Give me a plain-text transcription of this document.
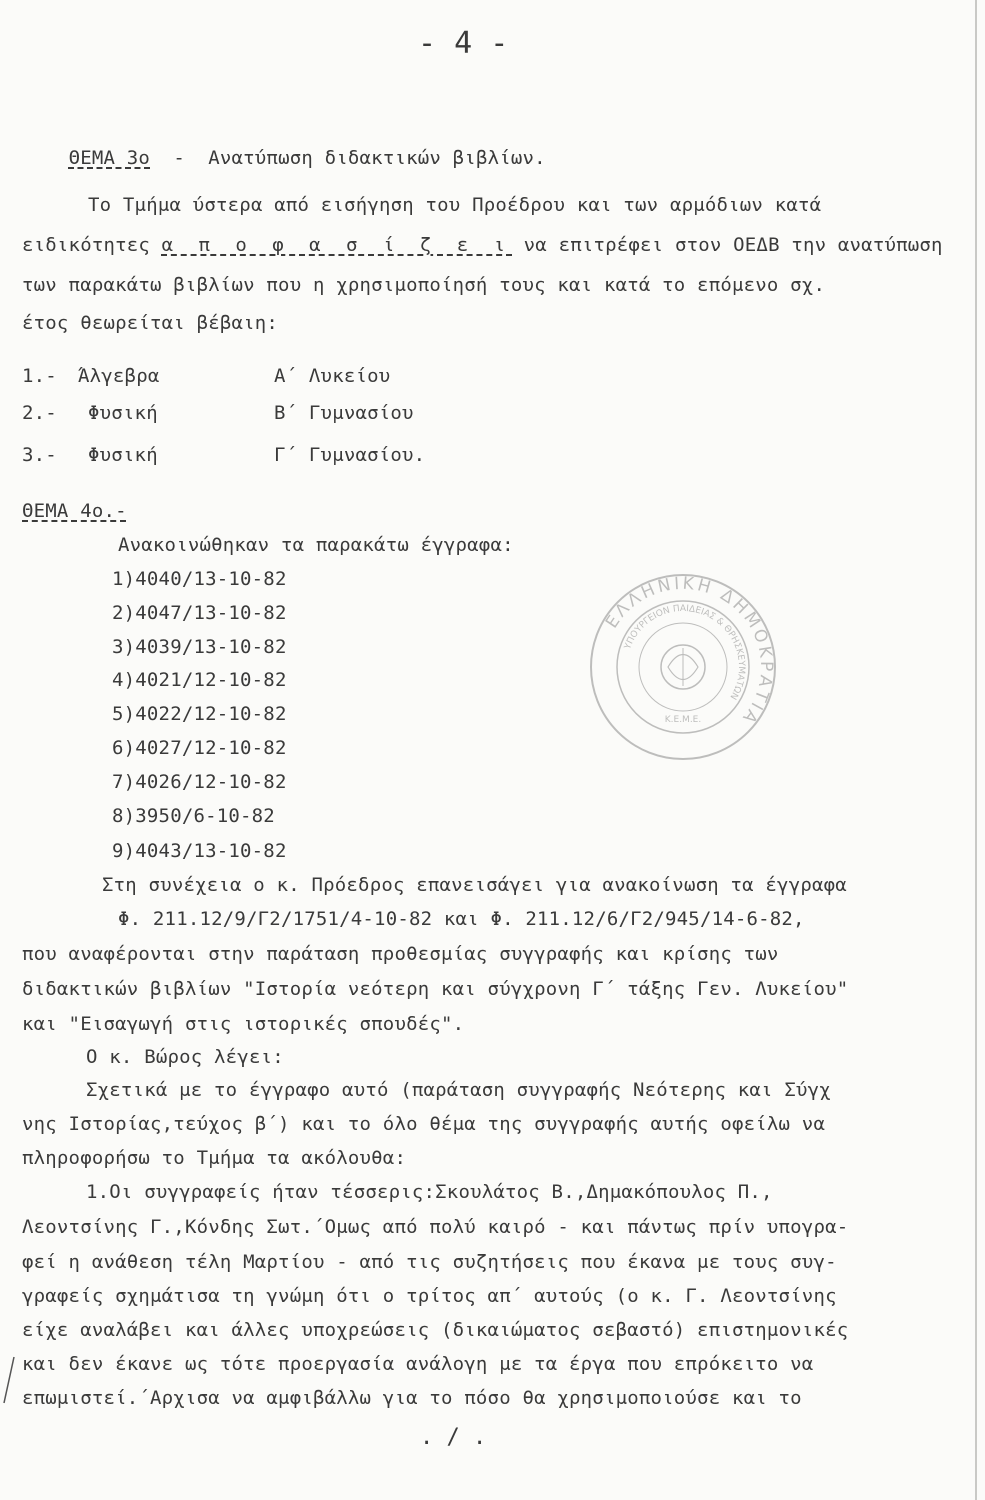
- 4 -

ΘΕΜΑ 3ο  -  Ανατύπωση διδακτικών βιβλίων.

Το Τμήμα ύστερα από εισήγηση του Προέδρου και των αρμόδιων κατά
ειδικότητες α π ο φ α σ ί ζ ε ι να επιτρέφει στον ΟΕΔΒ την ανατύπωση
των παρακάτω βιβλίων που η χρησιμοποίησή τους και κατά το επόμενο σχ.
έτος θεωρείται βέβαιη:
1.- Άλγεβρα	Α΄ Λυκείου
2.- Φυσική	Β΄ Γυμνασίου
3.- Φυσική	Γ΄ Γυμνασίου.
ΘΕΜΑ 4ο.-
Ανακοινώθηκαν τα παρακάτω έγγραφα:
1)4040/13-10-82
2)4047/13-10-82
3)4039/13-10-82
4)4021/12-10-82
5)4022/12-10-82
6)4027/12-10-82
7)4026/12-10-82
8)3950/6-10-82
9)4043/13-10-82
Στη συνέχεια ο κ. Πρόεδρος επανεισάγει για ανακοίνωση τα έγγραφα
Φ. 211.12/9/Γ2/1751/4-10-82 και Φ. 211.12/6/Γ2/945/14-6-82,
που αναφέρονται στην παράταση προθεσμίας συγγραφής και κρίσης των
διδακτικών βιβλίων "Ιστορία νεότερη και σύγχρονη Γ΄ τάξης Γεν. Λυκείου"
και "Εισαγωγή στις ιστορικές σπουδές".
Ο κ. Βώρος λέγει:
Σχετικά με το έγγραφο αυτό (παράταση συγγραφής Νεότερης και Σύγχ
νης Ιστορίας,τεύχος β΄) και το όλο θέμα της συγγραφής αυτής οφείλω να
πληροφορήσω το Τμήμα τα ακόλουθα:
1.Οι συγγραφείς ήταν τέσσερις:Σκουλάτος Β.,Δημακόπουλος Π.,
Λεοντσίνης Γ.,Κόνδης Σωτ.΄Ομως από πολύ καιρό - και πάντως πρίν υπογρα-
φεί η ανάθεση τέλη Μαρτίου - από τις συζητήσεις που έκανα με τους συγ-
γραφείς σχημάτισα τη γνώμη ότι ο τρίτος απ΄ αυτούς (ο κ. Γ. Λεοντσίνης
είχε αναλάβει και άλλες υποχρεώσεις (δικαιώματος σεβαστό) επιστημονικές
και δεν έκανε ως τότε προεργασία ανάλογη με τα έργα που επρόκειτο να
επωμιστεί.΄Αρχισα να αμφιβάλλω για το πόσο θα χρησιμοποιούσε και το
. / .
ΕΛΛΗΝΙΚΗ ΔΗΜΟΚΡΑΤΙΑ
ΥΠΟΥΡΓΕΙΟΝ ΠΑΙΔΕΙΑΣ & ΘΡΗΣΚΕΥΜΑΤΩΝ
Κ.Ε.Μ.Ε.
